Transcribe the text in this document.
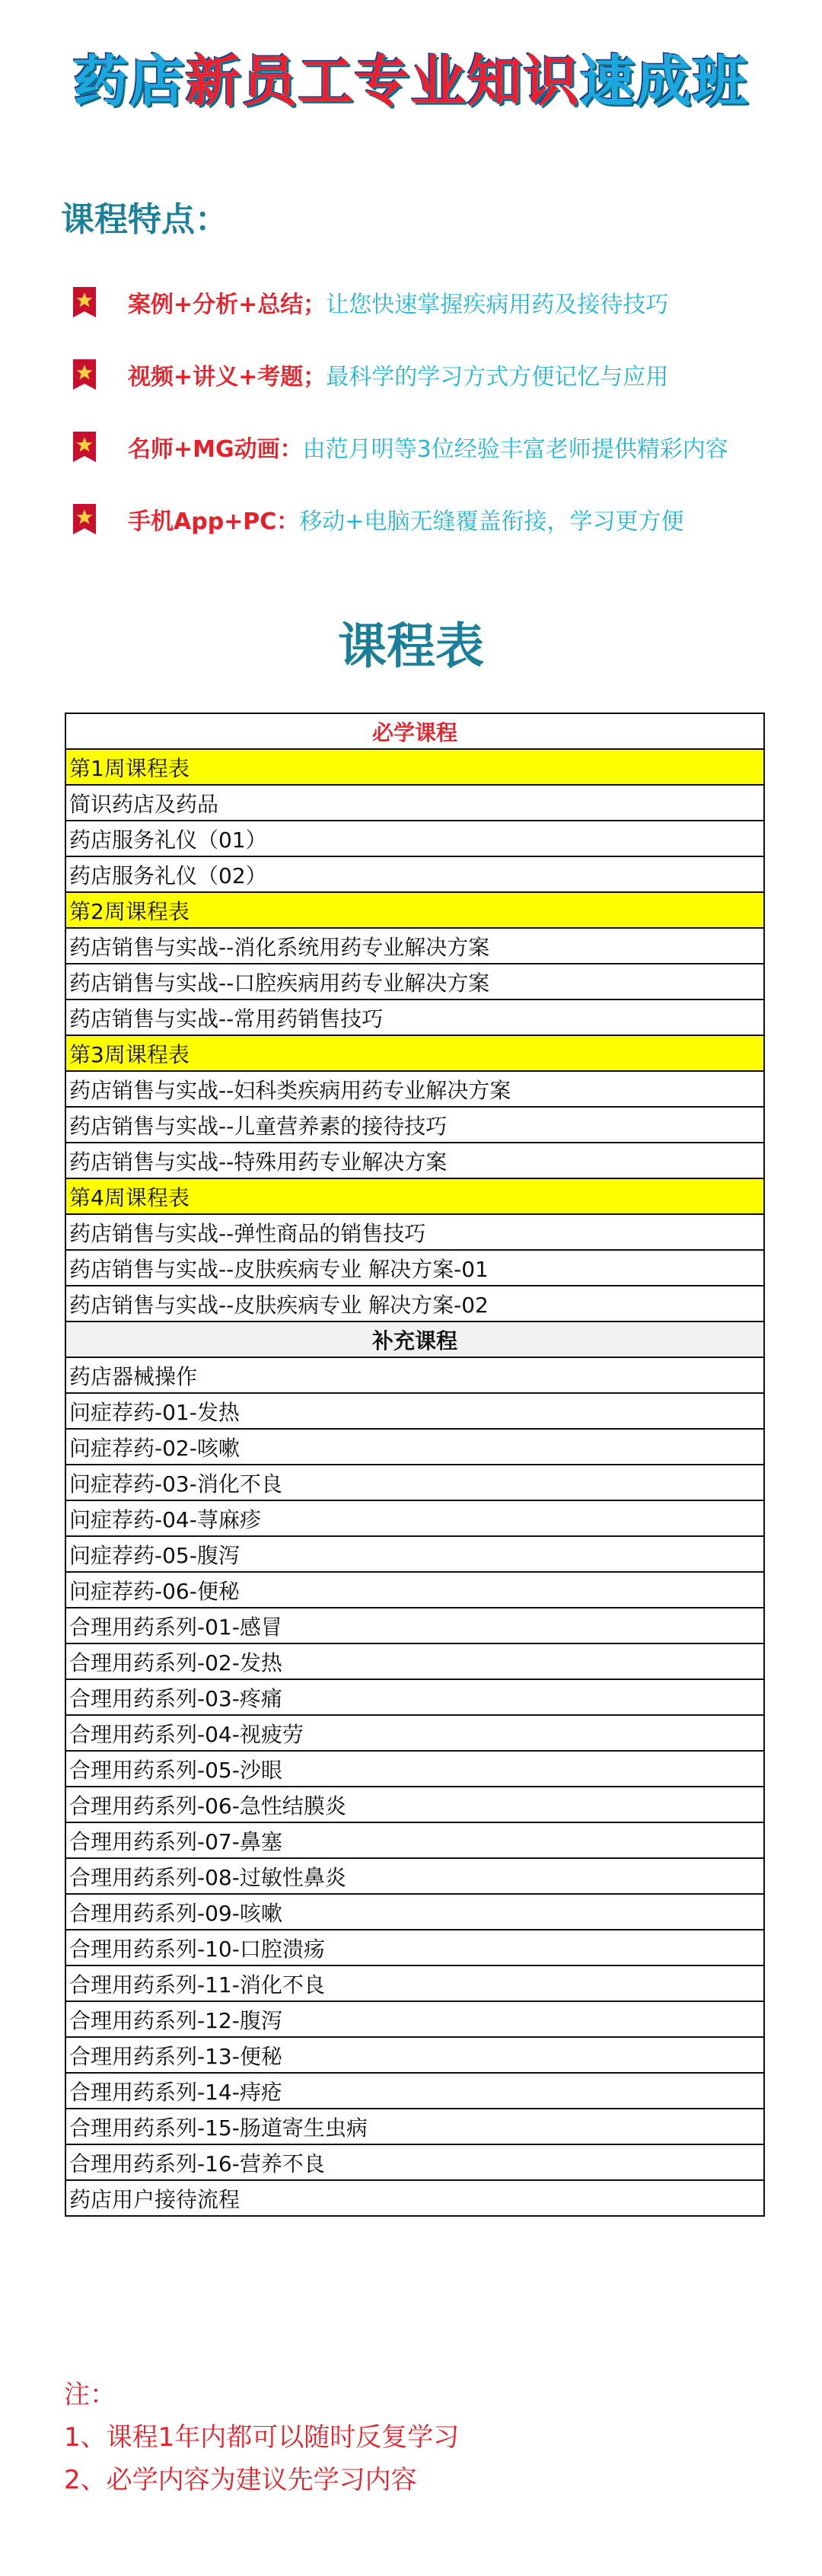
药店新员工专业知识速成班
课程特点：
案例+分析+总结； 让您快速掌握疾病用药及接待技巧
视频+讲义+考题； 最科学的学习方式方便记忆与应用
名师+MG动画： 由范月明等3位经验丰富老师提供精彩内容
手机App+PC： 移动+电脑无缝覆盖衔接，学习更方便
课程表
必学课程
第1周课程表
简识药店及药品
药店服务礼仪（01）
药店服务礼仪（02）
第2周课程表
药店销售与实战--消化系统用药专业解决方案
药店销售与实战--口腔疾病用药专业解决方案
药店销售与实战--常用药销售技巧
第3周课程表
药店销售与实战--妇科类疾病用药专业解决方案
药店销售与实战--儿童营养素的接待技巧
药店销售与实战--特殊用药专业解决方案
第4周课程表
药店销售与实战--弹性商品的销售技巧
药店销售与实战--皮肤疾病专业 解决方案-01
药店销售与实战--皮肤疾病专业 解决方案-02
补充课程
药店器械操作
问症荐药-01-发热
问症荐药-02-咳嗽
问症荐药-03-消化不良
问症荐药-04-荨麻疹
问症荐药-05-腹泻
问症荐药-06-便秘
合理用药系列-01-感冒
合理用药系列-02-发热
合理用药系列-03-疼痛
合理用药系列-04-视疲劳
合理用药系列-05-沙眼
合理用药系列-06-急性结膜炎
合理用药系列-07-鼻塞
合理用药系列-08-过敏性鼻炎
合理用药系列-09-咳嗽
合理用药系列-10-口腔溃疡
合理用药系列-11-消化不良
合理用药系列-12-腹泻
合理用药系列-13-便秘
合理用药系列-14-痔疮
合理用药系列-15-肠道寄生虫病
合理用药系列-16-营养不良
药店用户接待流程
注：
1、课程1年内都可以随时反复学习
2、必学内容为建议先学习内容
